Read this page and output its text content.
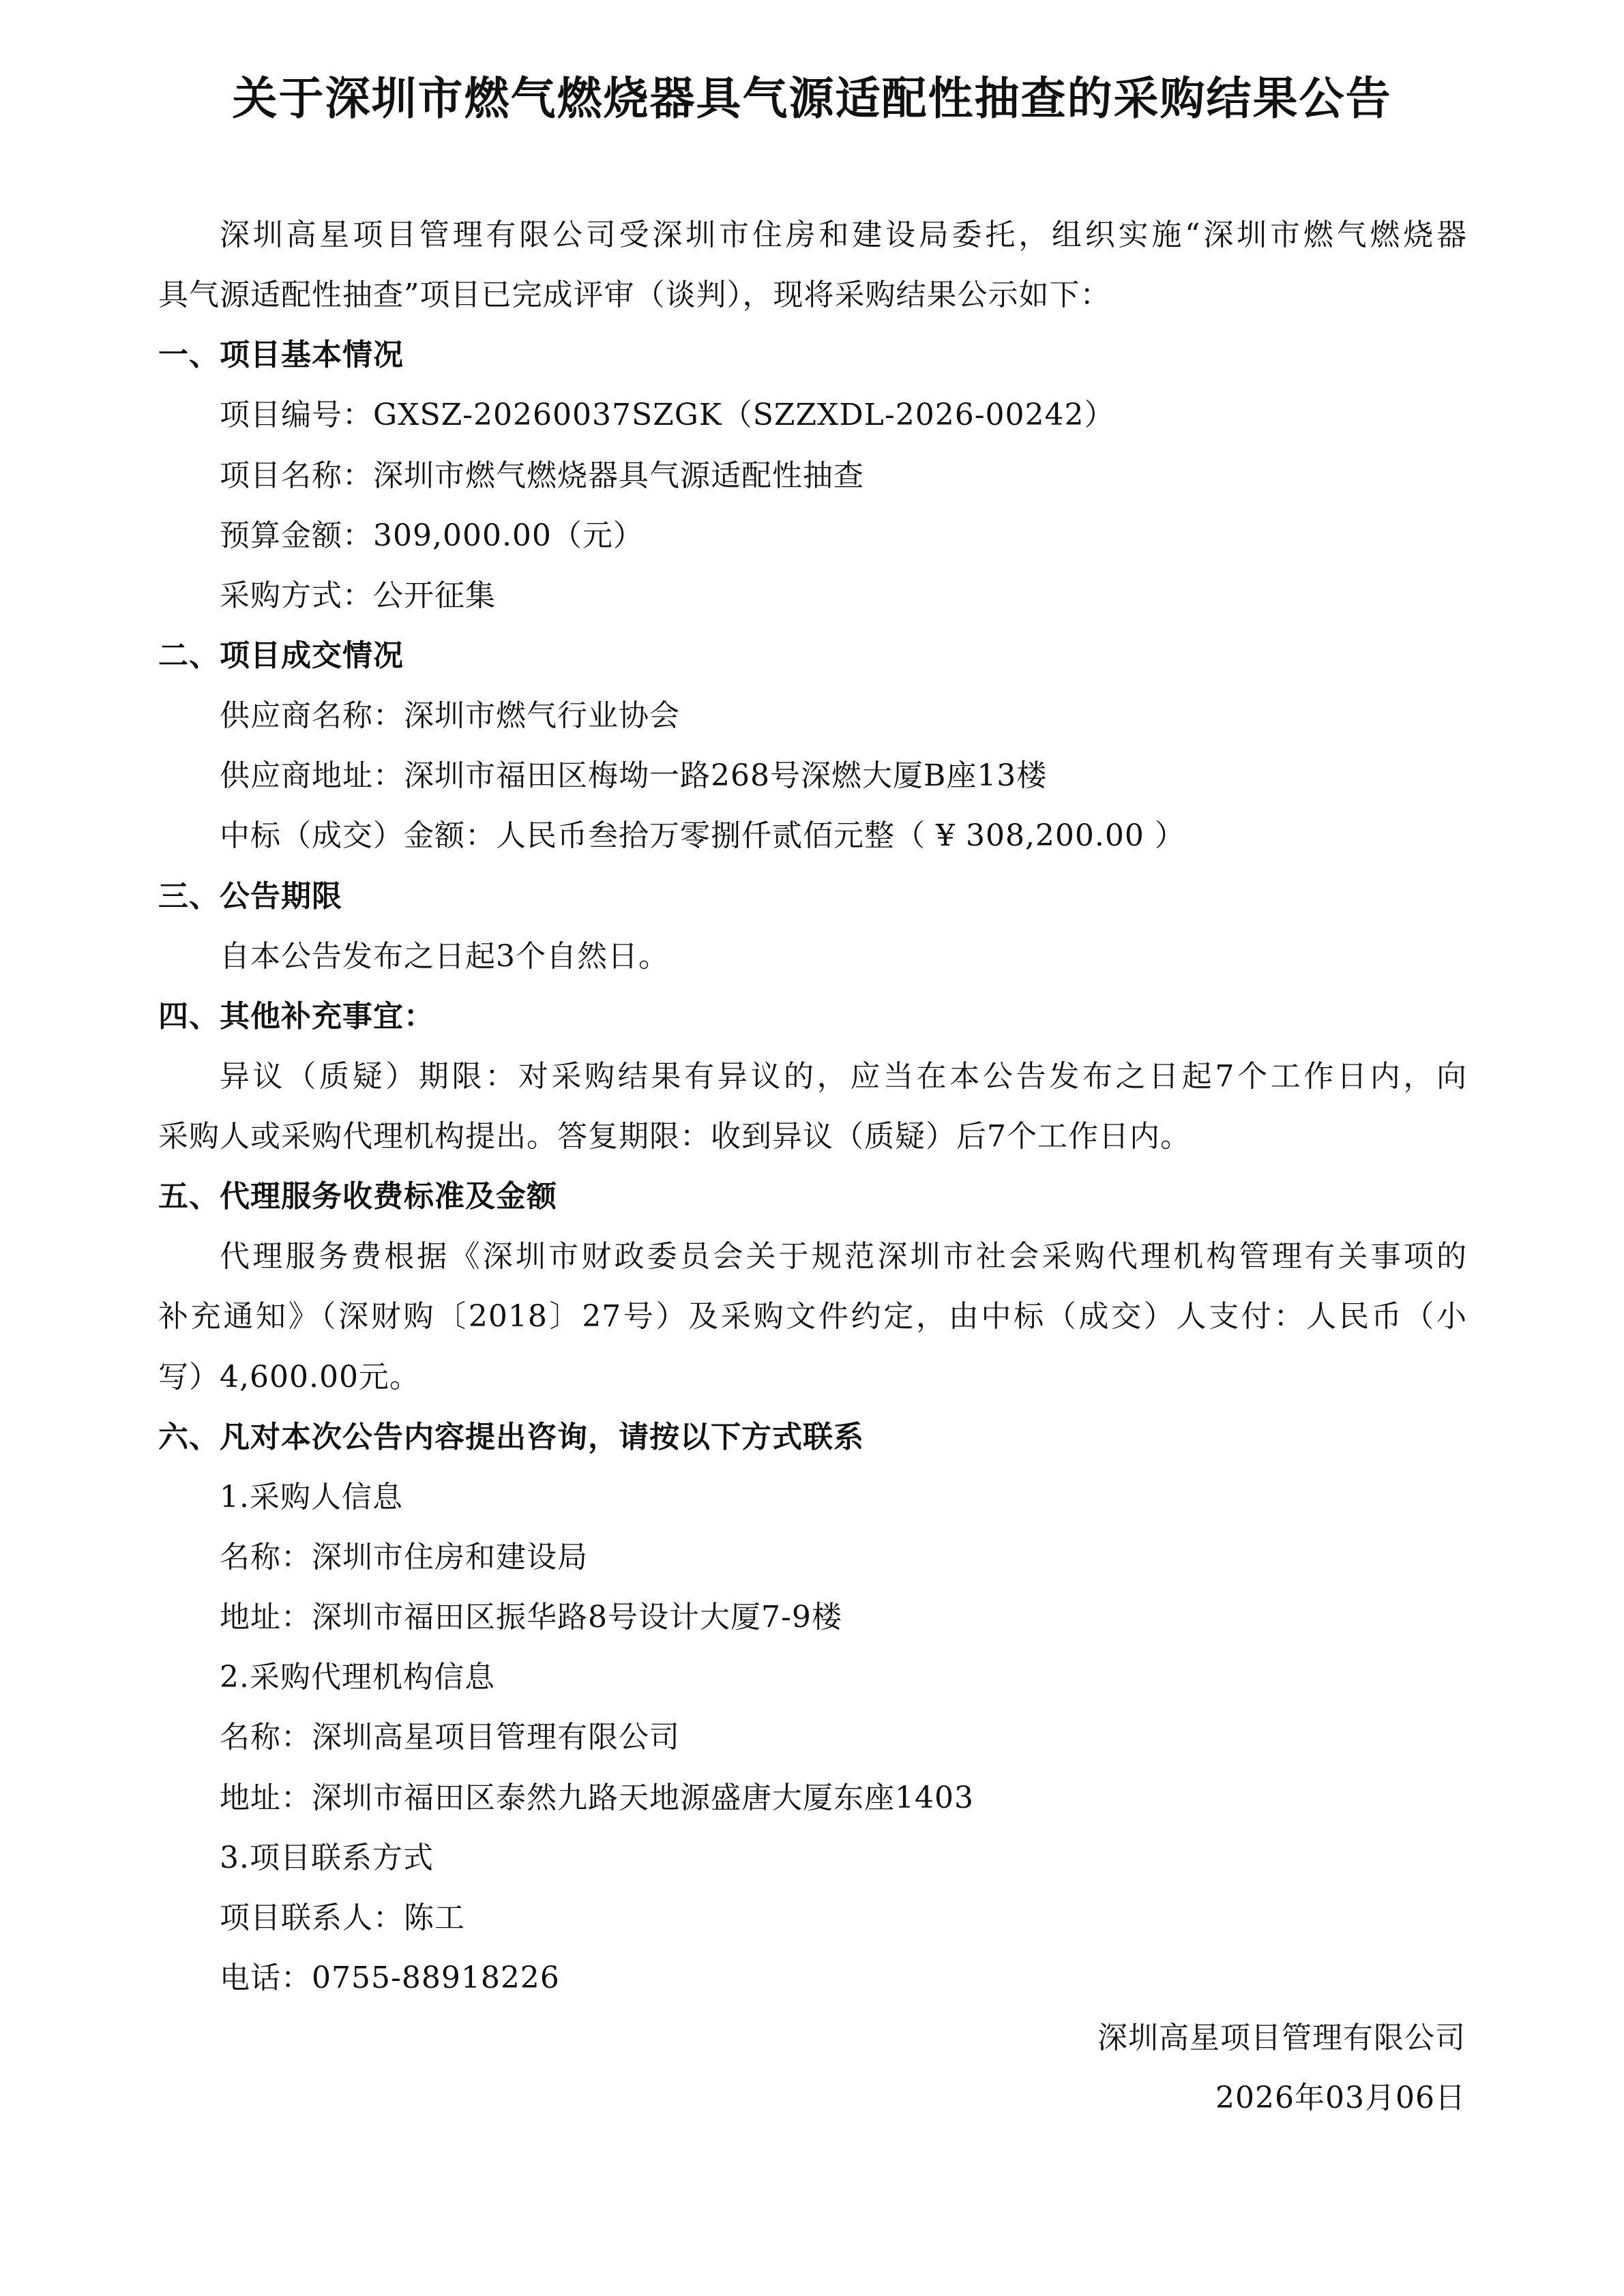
关于深圳市燃气燃烧器具气源适配性抽查的采购结果公告
深圳高星项目管理有限公司受深圳市住房和建设局委托，组织实施“深圳市燃气燃烧器
具气源适配性抽查”项目已完成评审（谈判），现将采购结果公示如下：
一、项目基本情况
项目编号：GXSZ-20260037SZGK（SZZXDL-2026-00242）
项目名称：深圳市燃气燃烧器具气源适配性抽查
预算金额：309,000.00（元）
采购方式：公开征集
二、项目成交情况
供应商名称：深圳市燃气行业协会
供应商地址：深圳市福田区梅坳一路268号深燃大厦B座13楼
中标（成交）金额：人民币叁拾万零捌仟贰佰元整（ ¥ 308,200.00 ）
三、公告期限
自本公告发布之日起3个自然日。
四、其他补充事宜：
异议（质疑）期限：对采购结果有异议的，应当在本公告发布之日起7个工作日内，向
采购人或采购代理机构提出。答复期限：收到异议（质疑）后7个工作日内。
五、代理服务收费标准及金额
代理服务费根据《深圳市财政委员会关于规范深圳市社会采购代理机构管理有关事项的
补充通知》（深财购〔2018〕27号）及采购文件约定，由中标（成交）人支付：人民币（小
写）4,600.00元。
六、凡对本次公告内容提出咨询，请按以下方式联系
1.采购人信息
名称：深圳市住房和建设局
地址：深圳市福田区振华路8号设计大厦7-9楼
2.采购代理机构信息
名称：深圳高星项目管理有限公司
地址：深圳市福田区泰然九路天地源盛唐大厦东座1403
3.项目联系方式
项目联系人：陈工
电话：0755-88918226
深圳高星项目管理有限公司
2026年03月06日
